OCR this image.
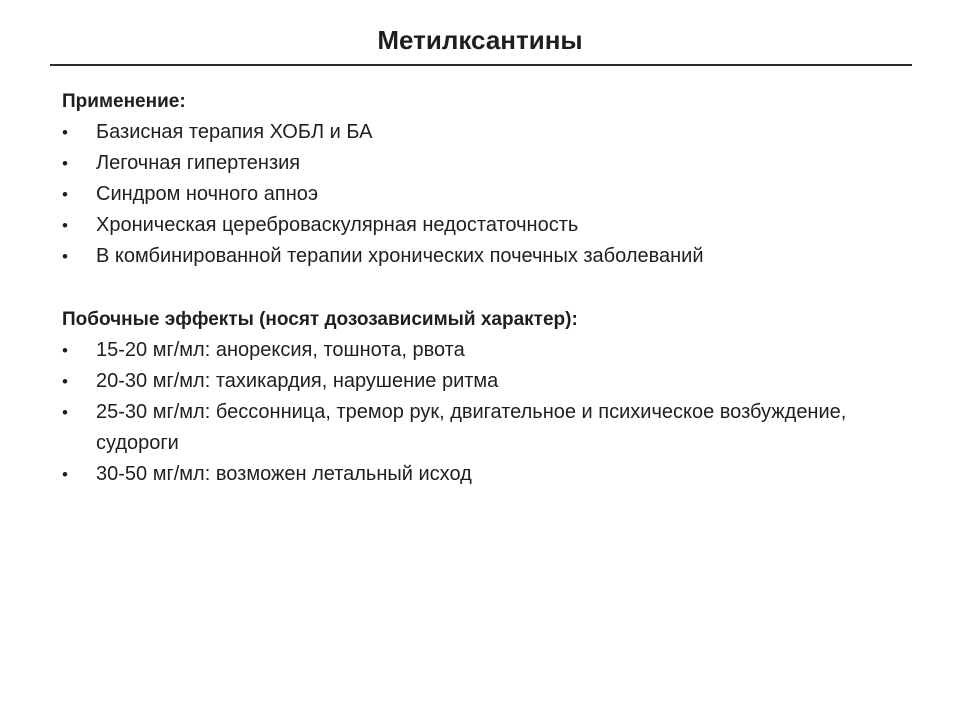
Метилксантины
Применение:
•	Базисная терапия ХОБЛ и БА
•	Легочная гипертензия
•	Синдром ночного апноэ
•	Хроническая цереброваскулярная недостаточность
•	В комбинированной терапии хронических почечных заболеваний
Побочные эффекты (носят дозозависимый характер):
•	15-20 мг/мл: анорексия, тошнота, рвота
•	20-30 мг/мл: тахикардия, нарушение ритма
•	25-30 мг/мл: бессонница, тремор рук, двигательное и психическое возбуждение, судороги
•	30-50 мг/мл: возможен летальный исход
